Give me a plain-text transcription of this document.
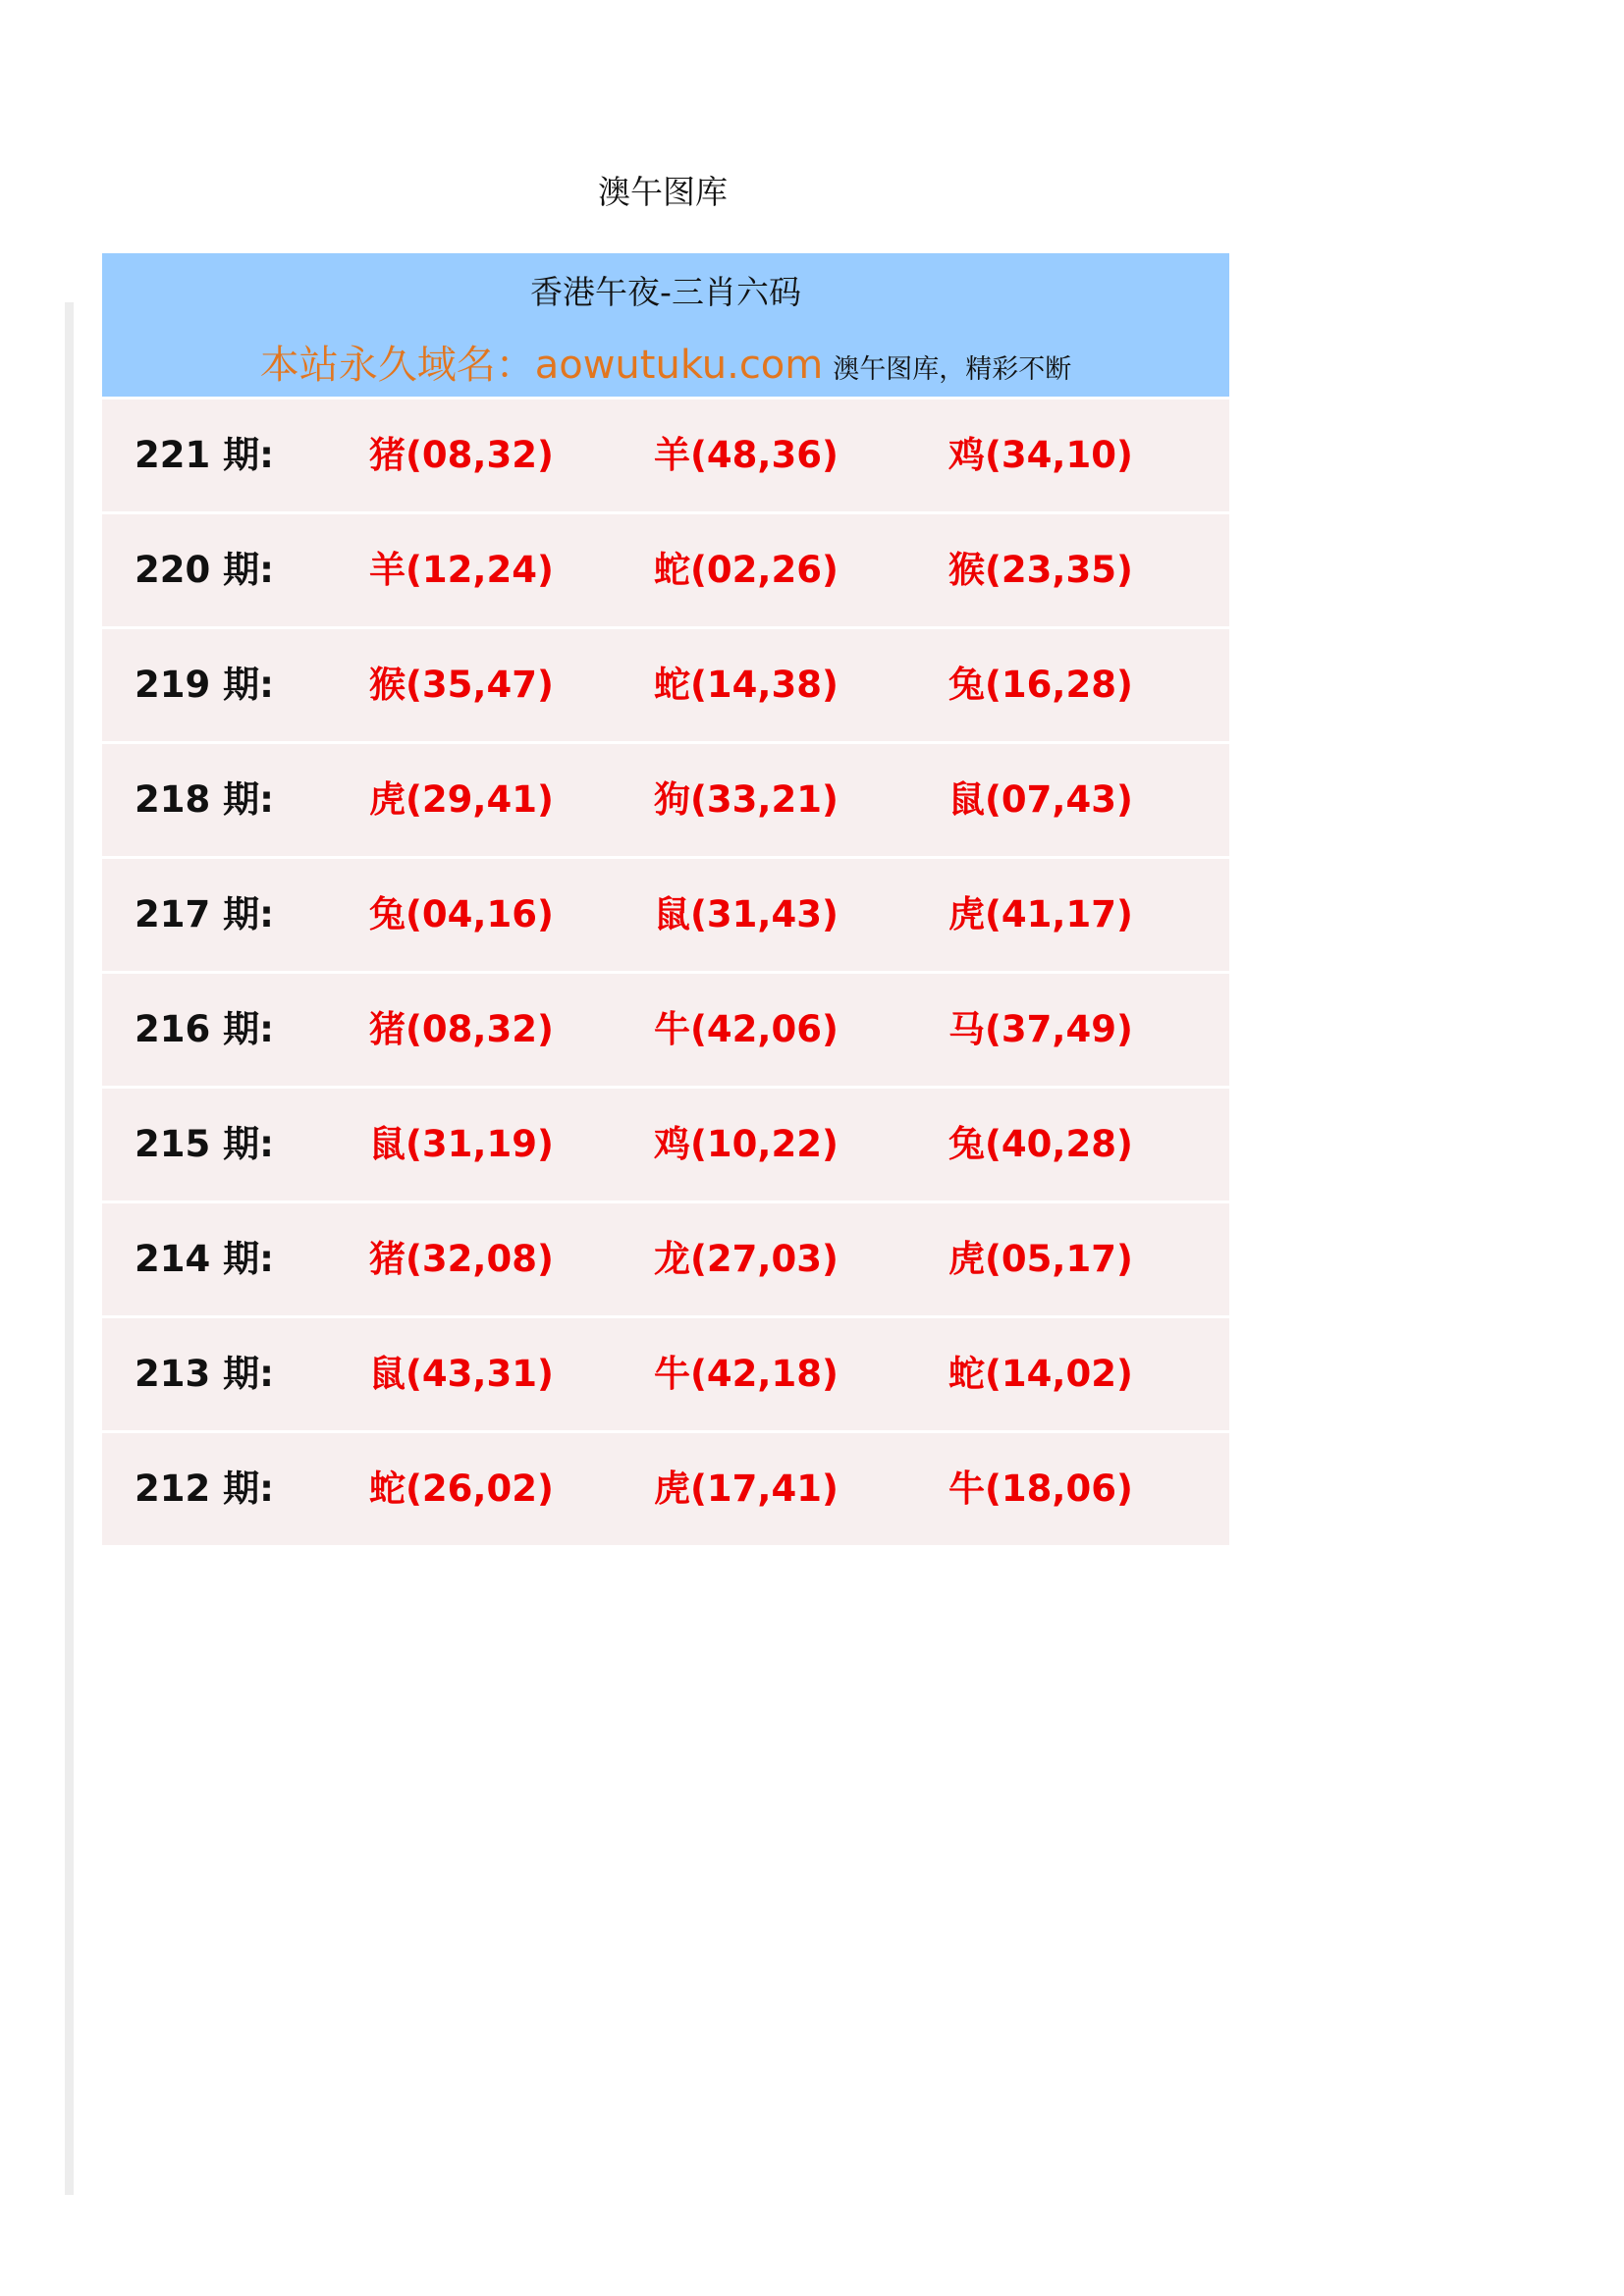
澳午图库
香港午夜-三肖六码
本站永久域名：aowutuku.com 澳午图库，精彩不断
221 期:	猪(08,32)	羊(48,36)	鸡(34,10)
220 期:	羊(12,24)	蛇(02,26)	猴(23,35)
219 期:	猴(35,47)	蛇(14,38)	兔(16,28)
218 期:	虎(29,41)	狗(33,21)	鼠(07,43)
217 期:	兔(04,16)	鼠(31,43)	虎(41,17)
216 期:	猪(08,32)	牛(42,06)	马(37,49)
215 期:	鼠(31,19)	鸡(10,22)	兔(40,28)
214 期:	猪(32,08)	龙(27,03)	虎(05,17)
213 期:	鼠(43,31)	牛(42,18)	蛇(14,02)
212 期:	蛇(26,02)	虎(17,41)	牛(18,06)
